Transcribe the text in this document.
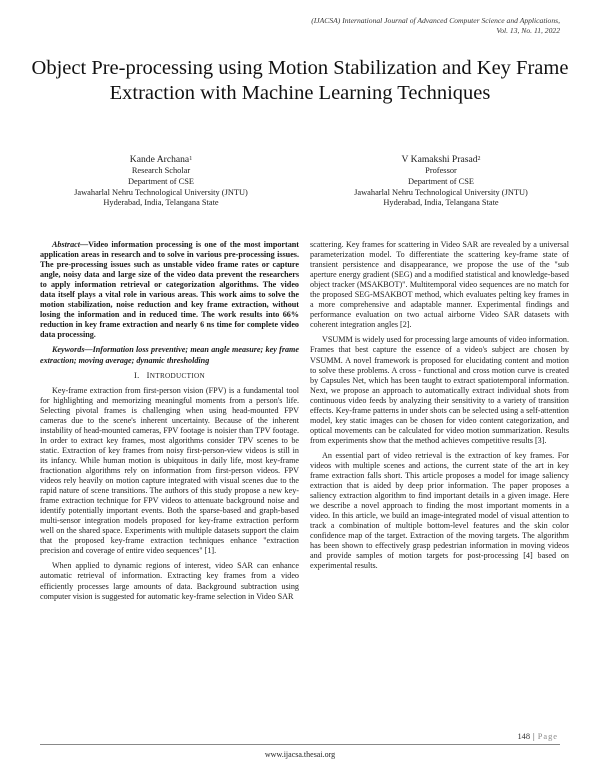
(IJACSA) International Journal of Advanced Computer Science and Applications,
Vol. 13, No. 11, 2022
Object Pre-processing using Motion Stabilization and Key Frame Extraction with Machine Learning Techniques
Kande Archana$^1$
Research Scholar
Department of CSE
Jawaharlal Nehru Technological University (JNTU)
Hyderabad, India, Telangana State
V Kamakshi Prasad$^2$
Professor
Department of CSE
Jawaharlal Nehru Technological University (JNTU)
Hyderabad, India, Telangana State

Abstract—Video information processing is one of the most important application areas in research and to solve in various pre-processing issues. The pre-processing issues such as unstable video frame rates or capture angle, noisy data and large size of the video data prevent the researchers to apply information retrieval or categorization algorithms. The video data itself plays a vital role in various areas. This work aims to solve the motion stabilization, noise reduction and key frame extraction, without losing the information and in reduced time. The work results into 66% reduction in key frame extraction and nearly 6 ns time for complete video data processing.

Keywords—Information loss preventive; mean angle measure; key frame extraction; moving average; dynamic thresholding

I. INTRODUCTION

Key-frame extraction from first-person vision (FPV) is a fundamental tool for highlighting and memorizing meaningful moments from a person's life. Selecting pivotal frames is challenging when using head-mounted FPV cameras due to the scene's inherent uncertainty. Because of the inherent instability of head-mounted cameras, FPV footage is noisier than TPV footage. In order to extract key frames, most algorithms consider TPV scenes to be static. Extraction of key frames from noisy first-person-view videos is still in its infancy. While human motion is ubiquitous in daily life, most key-frame fractionation algorithms rely on information from first-person videos. FPV videos rely heavily on motion capture integrated with visual scenes due to the rapid nature of scene transitions. The authors of this study propose a new key-frame extraction technique for FPV videos to attenuate background noise and identify potentially important events. Both the sparse-based and graph-based multi-sensor integration models proposed for key-frame extraction perform well on the shared space. Experiments with multiple datasets support the claim that the proposed key-frame extraction techniques enhance "extraction precision and coverage of entire video sequences" [1].

When applied to dynamic regions of interest, video SAR can enhance automatic retrieval of information. Extracting key frames from a video efficiently processes large amounts of data. Background subtraction using computer vision is suggested for automatic key-frame selection in Video SAR

scattering. Key frames for scattering in Video SAR are revealed by a universal parameterization model. To differentiate the scattering key-frame state of transient persistence and disappearance, we propose the use of the "sub aperture energy gradient (SEG) and a modified statistical and knowledge-based object tracker (MSAKBOT)". Multitemporal video sequences are no match for the proposed SEG-MSAKBOT method, which evaluates pelting key frames in a more comprehensive and adaptable manner. Experimental findings and performance evaluation on two actual airborne Video SAR datasets with coherent integration angles [2].

VSUMM is widely used for processing large amounts of video information. Frames that best capture the essence of a video's subject are chosen by VSUMM. A novel framework is proposed for elucidating content and motion to solve these problems. A cross - functional and cross motion curve is created by Capsules Net, which has been taught to extract spatiotemporal information. Next, we propose an approach to automatically extract individual shots from continuous video feeds by analyzing their sensitivity to a variety of transition effects. Key-frame patterns in under shots can be selected using a self-attention model, key static images can be chosen for video content categorization, and optical movements can be calculated for video motion summarization. Results from experiments show that the method achieves competitive results [3].

An essential part of video retrieval is the extraction of key frames. For videos with multiple scenes and actions, the current state of the art in key frame extraction falls short. This article proposes a model for image saliency extraction that is aided by deep prior information. The paper proposes a saliency extraction algorithm to find important details in a given image. Here we describe a novel approach to finding the most important moments in a video. In this article, we build an image-integrated model of visual attention to track a combination of multiple bottom-level features and the skin color confidence map of the target. Extraction of the moving targets. The algorithm has been shown to effectively grasp pedestrian information in moving videos and provide samples of motion targets for post-processing [4] based on experimental results.

148 | Page
www.ijacsa.thesai.org
